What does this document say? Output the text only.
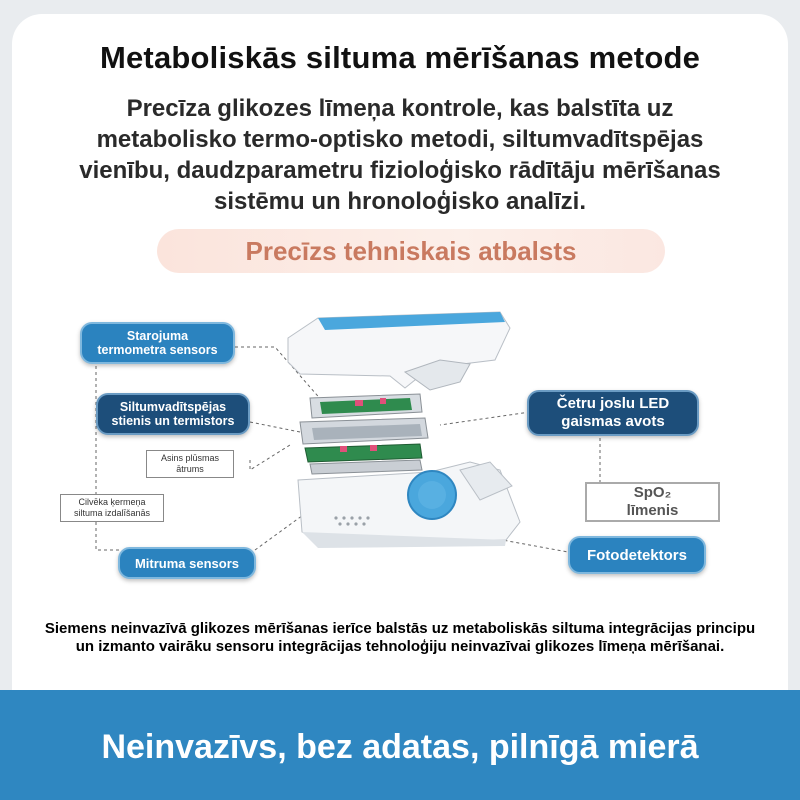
Metaboliskās siltuma mērīšanas metode
Precīza glikozes līmeņa kontrole, kas balstīta uz metabolisko termo-optisko metodi, siltumvadītspējas vienību, daudzparametru fizioloģisko rādītāju mērīšanas sistēmu un hronoloģisko analīzi.
Precīzs tehniskais atbalsts
Starojuma
termometra sensors
Siltumvadītspējas
stienis un termistors
Asins plūsmas
ātrums
Cilvēka ķermeņa
siltuma izdalīšanās
Mitruma sensors
Četru joslu LED
gaismas avots
SpO₂
līmenis
Fotodetektors
Siemens neinvazīvā glikozes mērīšanas ierīce balstās uz metaboliskās siltuma integrācijas principu un izmanto vairāku sensoru integrācijas tehnoloģiju neinvazīvai glikozes līmeņa mērīšanai.
Neinvazīvs, bez adatas, pilnīgā mierā
